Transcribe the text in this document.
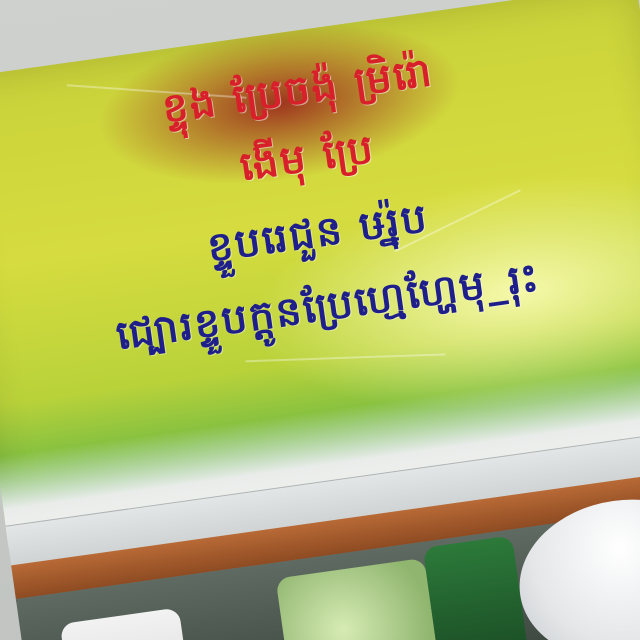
ខ្ទុង ប្រែចង៉ុ ម្រិរ៉ោ
ងើមុ ប្រែ
ខ្ទួបរេជួន ឞរ្ន៉ុប
ជ្បោរខ្ទួបក្តូនប្រែហ្មេហែ្ហមុ_រុះ
